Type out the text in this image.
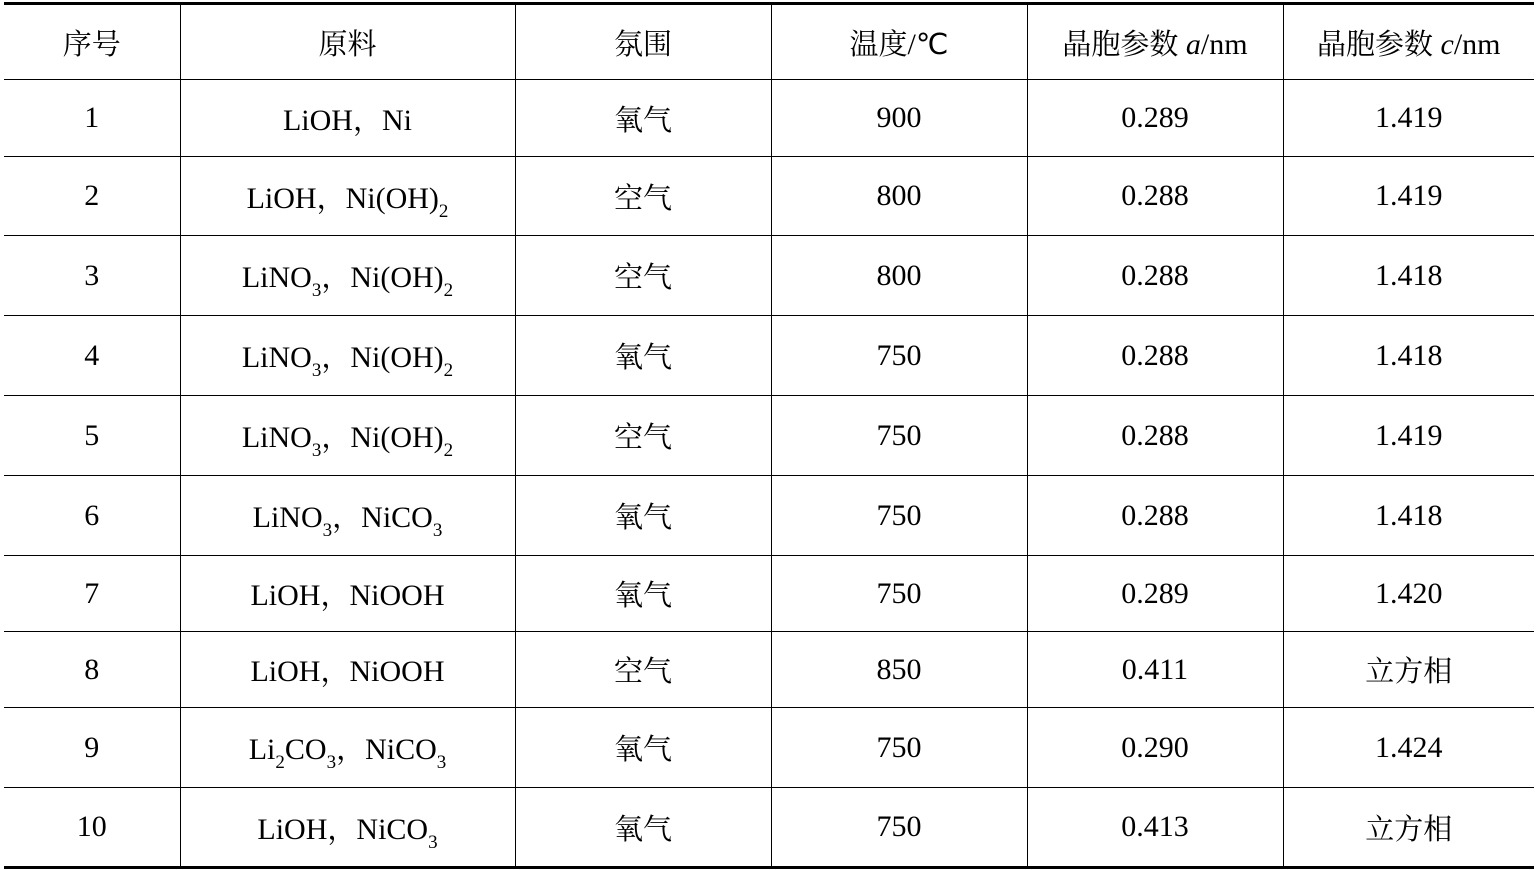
序号	原料	氛围	温度/℃	晶胞参数 a/nm	晶胞参数 c/nm
1	LiOH，Ni	氧气	900	0.289	1.419
2	LiOH，$Ni(OH)_2$	空气	800	0.288	1.419
3	LiNO$_3$，$Ni(OH)_2$	空气	800	0.288	1.418
4	LiNO$_3$，$Ni(OH)_2$	氧气	750	0.288	1.418
5	LiNO$_3$，$Ni(OH)_2$	空气	750	0.288	1.419
6	LiNO$_3$，NiCO$_3$	氧气	750	0.288	1.418
7	LiOH，NiOOH	氧气	750	0.289	1.420
8	LiOH，NiOOH	空气	850	0.411	立方相
9	$Li_2CO_3$，NiCO$_3$	氧气	750	0.290	1.424
10	LiOH，NiCO$_3$	氧气	750	0.413	立方相
